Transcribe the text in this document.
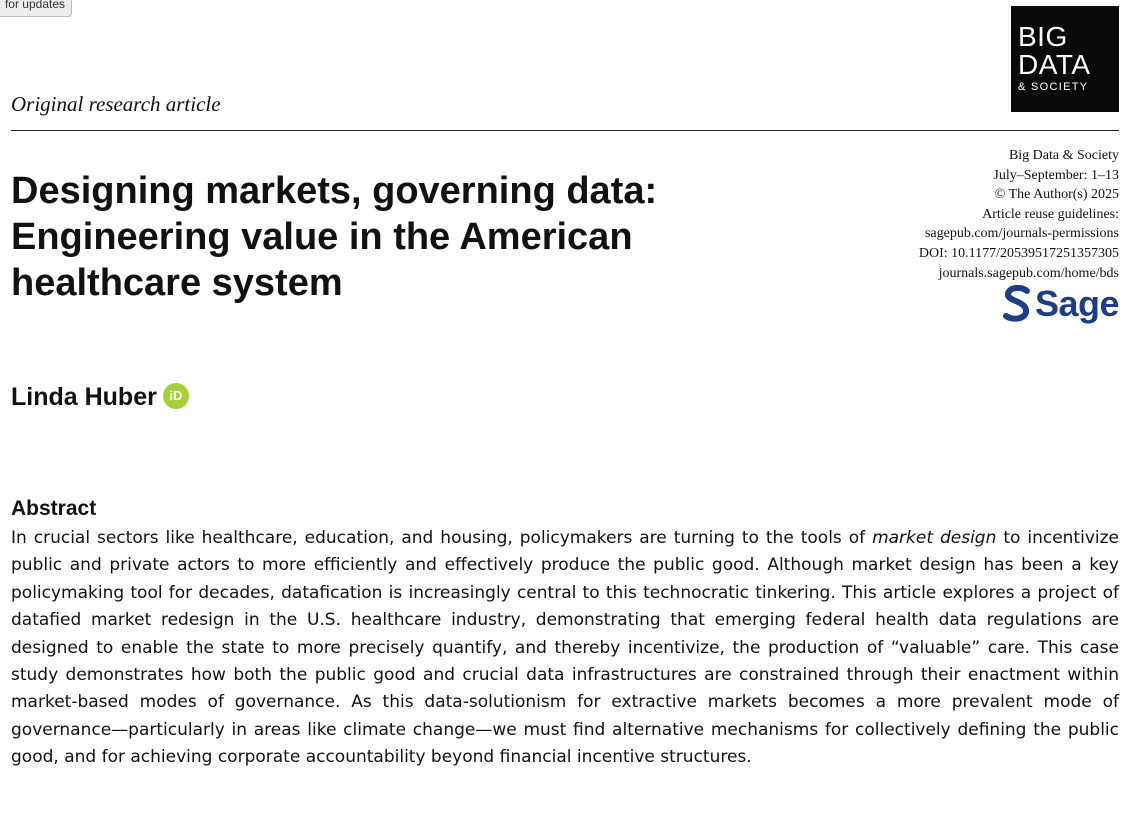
for updates
Original research article
BIG
DATA
& SOCIETY
Designing markets, governing data:
Engineering value in the American
healthcare system
Big Data & Society
July–September: 1–13
© The Author(s) 2025
Article reuse guidelines:
sagepub.com/journals-permissions
DOI: 10.1177/20539517251357305
journals.sagepub.com/home/bds
Sage
Linda Huber iD
Abstract

In crucial sectors like healthcare, education, and housing, policymakers are turning to the tools of market design to incentivize public and private actors to more efficiently and effectively produce the public good. Although market design has been a key policymaking tool for decades, datafication is increasingly central to this technocratic tinkering. This article explores a project of datafied market redesign in the U.S. healthcare industry, demonstrating that emerging federal health data regulations are designed to enable the state to more precisely quantify, and thereby incentivize, the production of “valuable” care. This case study demonstrates how both the public good and crucial data infrastructures are constrained through their enactment within market-based modes of governance. As this data-solutionism for extractive markets becomes a more prevalent mode of governance—particularly in areas like climate change—we must find alternative mechanisms for collectively defining the public good, and for achieving corporate accountability beyond financial incentive structures.
